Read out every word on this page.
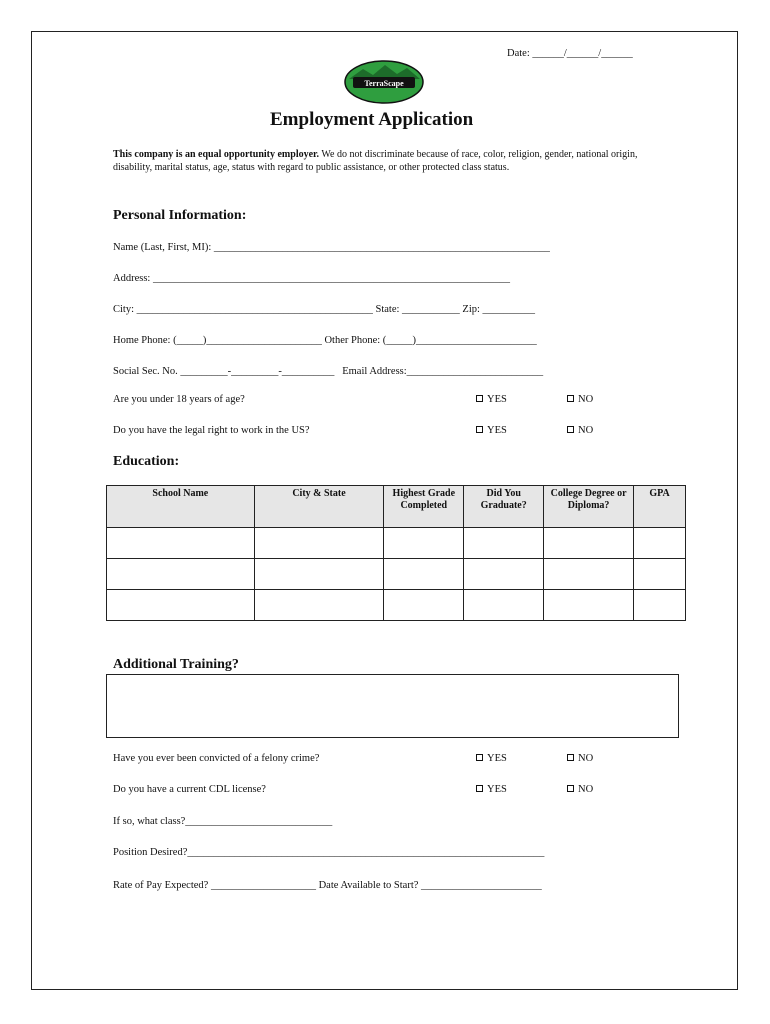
Date: ______/______/______
TerraScape
Employment Application
This company is an equal opportunity employer. We do not discriminate because of race, color, religion, gender, national origin, disability, marital status, age, status with regard to public assistance, or other protected class status.
Personal Information:
Name (Last, First, MI): ________________________________________________________________
Address: ____________________________________________________________________
City: _____________________________________________ State: ___________ Zip: __________
Home Phone: (_____)______________________ Other Phone: (_____)_______________________
Social Sec. No. _________-_________-__________   Email Address:__________________________
Are you under 18 years of age?	YES	NO
Do you have the legal right to work in the US?	YES	NO
Education:
School Name	City & State	Highest Grade Completed	Did You Graduate?	College Degree or Diploma?	GPA

Additional Training?
Have you ever been convicted of a felony crime?	YES	NO
Do you have a current CDL license?	YES	NO
If so, what class?____________________________
Position Desired?____________________________________________________________________
Rate of Pay Expected? ____________________ Date Available to Start? _______________________
